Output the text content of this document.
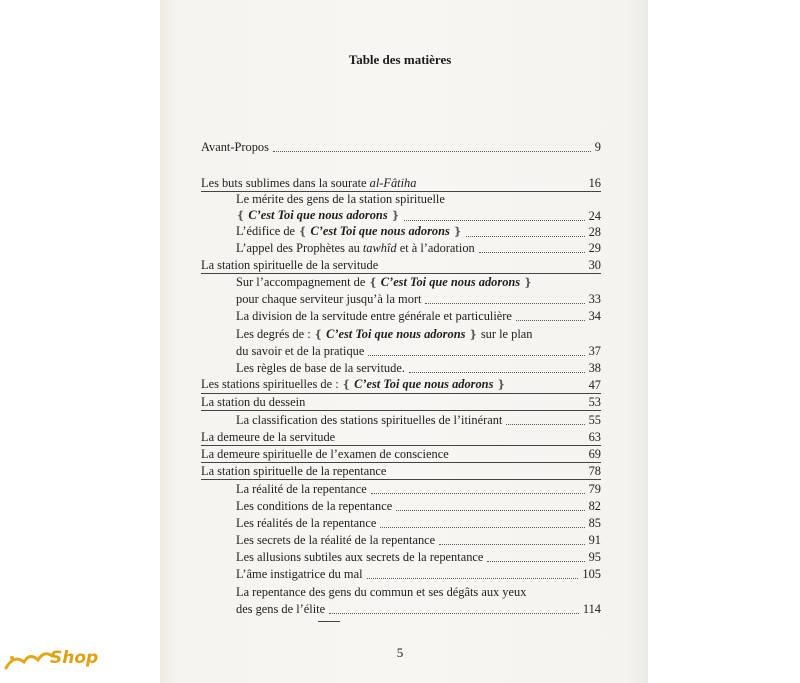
Table des matières
Avant-Propos	9
Les buts sublimes dans la sourate al-Fâtiha	16
Le mérite des gens de la station spirituelle
❴ C’est Toi que nous adorons ❵	24
L’édifice de ❴ C’est Toi que nous adorons ❵	28
L’appel des Prophètes au tawhîd et à l’adoration	29
La station spirituelle de la servitude	30
Sur l’accompagnement de ❴ C’est Toi que nous adorons ❵
pour chaque serviteur jusqu’à la mort	33
La division de la servitude entre générale et particulière	34
Les degrés de : ❴ C’est Toi que nous adorons ❵ sur le plan
du savoir et de la pratique	37
Les règles de base de la servitude.	38
Les stations spirituelles de : ❴ C’est Toi que nous adorons ❵	47
La station du dessein	53
La classification des stations spirituelles de l’itinérant	55
La demeure de la servitude	63
La demeure spirituelle de l’examen de conscience	69
La station spirituelle de la repentance	78
La réalité de la repentance	79
Les conditions de la repentance	82
Les réalités de la repentance	85
Les secrets de la réalité de la repentance	91
Les allusions subtiles aux secrets de la repentance	95
L’âme instigatrice du mal	105
La repentance des gens du commun et ses dégâts aux yeux
des gens de l’élite	114
5
Shop
